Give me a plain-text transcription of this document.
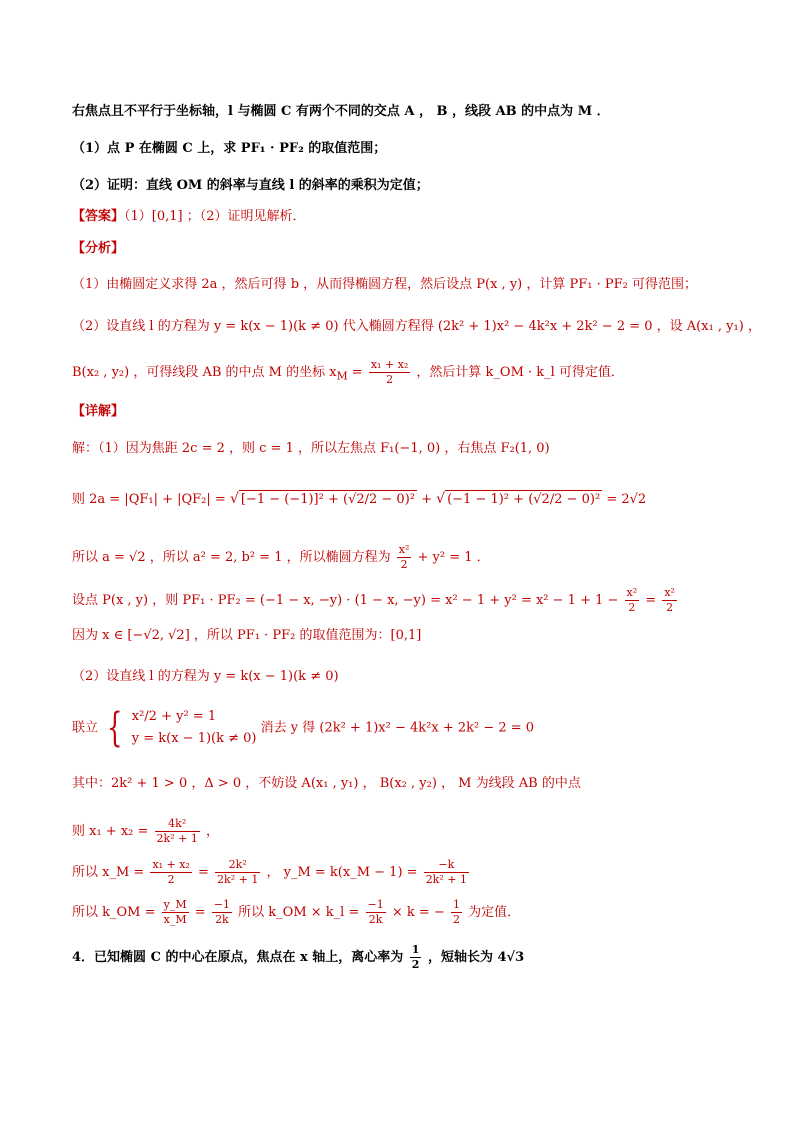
右焦点且不平行于坐标轴，l 与椭圆 C 有两个不同的交点 A ， B ，线段 AB 的中点为 M ．
（1）点 P 在椭圆 C 上，求 PF₁ · PF₂ 的取值范围；
（2）证明：直线 OM 的斜率与直线 l 的斜率的乘积为定值；
【答案】（1）[0,1] ；（2）证明见解析．
【分析】
（1）由椭圆定义求得 2a ，然后可得 b ，从而得椭圆方程，然后设点 P(x , y) ，计算 PF₁ · PF₂ 可得范围；
（2）设直线 l 的方程为 y = k(x − 1)(k ≠ 0) 代入椭圆方程得 (2k² + 1)x² − 4k²x + 2k² − 2 = 0 ，设 A(x₁ , y₁) ，
B(x₂ , y₂) ，可得线段 AB 的中点 M 的坐标 $x_M = \frac{\text{x₁ + x₂}}{2}$ ，然后计算 k_OM · k_l 可得定值．
【详解】
解：（1）因为焦距 2c = 2 ，则 c = 1 ，所以左焦点 F₁(−1, 0) ，右焦点 F₂(1, 0)
则 2a = |QF₁| + |QF₂| = √ [−1 − (−1)]² + (√2/2 − 0)² + √ (−1 − 1)² + (√2/2 − 0)² = 2√2
所以 a = √2 ，所以 a² = 2, b² = 1 ，所以椭圆方程为 $\frac{\text{x²}}{2} + y^2 = 1$ ．
设点 P(x , y) ，则 PF₁ · PF₂ = (−1 − x, −y) · (1 − x, $-y) = x^2 - 1 + y^2 = x^2 - 1 + 1 - \frac{\text{x²}}{2} = \frac{\text{x²}}{2}$
因为 x ∈ [−√2, √2] ，所以 PF₁ · PF₂ 的取值范围为：[0,1]
（2）设直线 l 的方程为 y = k(x − 1)(k ≠ 0)
联立 { x²/2 + y² = 1
y = k(x − 1)(k ≠ 0)
消去 y 得 (2k² + 1)x² − 4k²x + 2k² − 2 = 0
其中：2k² + 1 > 0 ，Δ > 0 ，不妨设 A(x₁ , y₁) ， B(x₂ , y₂) ， M 为线段 AB 的中点
则 $x_1 + x_2 = \frac{\text{4k²}}{\text{2k² + 1}}$ ，
所以 x_M = $\frac{\text{x₁ + x₂}}{2} = \frac{\text{2k²}}{\text{2k² + 1}}$ ， y_M = k(x_M − $1) = \frac{-k}{\text{2k² + 1}}$
所以 k_OM = $\frac{y\_M}{x\_M} = \frac{-1}{2k}$ 所以 k_OM × k_l = $\frac{-1}{2k} \times k$ = − $\frac{1}{2}$ 为定值．
4．已知椭圆 C 的中心在原点，焦点在 x 轴上，离心率为 $\frac{1}{2}$ ，短轴长为 4√3
